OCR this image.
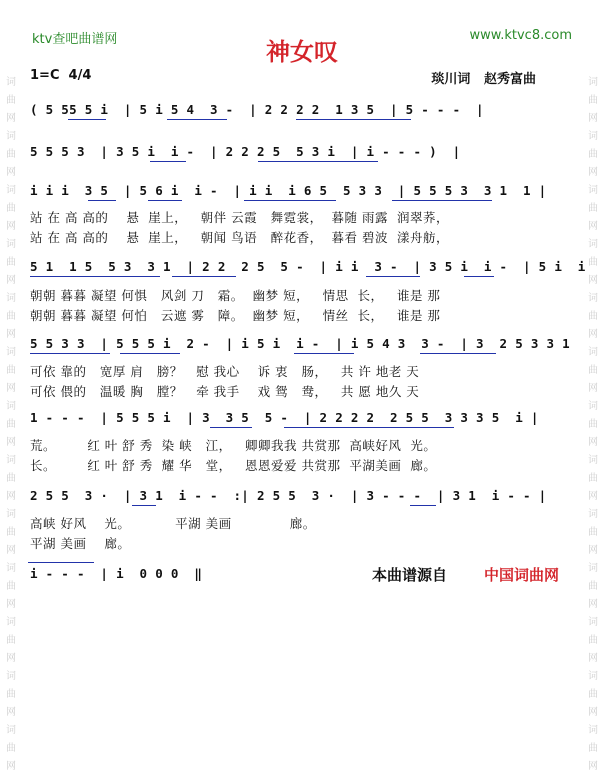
词
曲
网
词
曲
网
词
曲
网
词
曲
网
词
曲
网
词
曲
网
词
曲
网
词
曲
网
词
曲
网
词
曲
网
词
曲
网
词
曲
网
词
曲
网
词
曲
网
词
曲
网
词
曲
网
词
曲
网
词
曲
网
词
曲
网
词
曲
网
词
曲
网
词
曲
网
词
曲
网
词
曲
网
词
曲
网
词
曲
网
ktv查吧曲谱网	www.ktvc8.com
神女叹
1=C  4/4	琰川词   赵秀富曲
( 5 55 5 i  | 5 i 5 4  3 -  | 2 2 2 2  1 3 5  | 5 - - -  |
5 5 5 3  | 3 5 i  i -  | 2 2 2 5  5 3 i  | i - - - )  |
i i i  3 5  | 5 6 i  i -  | i i  i 6 5  5 3 3  | 5 5 5 3  3 1  1 |
站 在 高 高的    悬  崖上，   朝伴 云霞   舞霓裳，  暮随 雨露  润翠荞，
站 在 高 高的    悬  崖上，   朝闻 鸟语   醉花香，  暮看 碧波  漾舟舫，
5 1  1 5  5 3  3 1  | 2 2  2 5  5 -  | i i  3 -  | 3 5 i  i -  | 5 i  i
朝朝 暮暮 凝望 何惧   风剑 刀   霜。  幽梦 短，   情思  长，   谁是 那
朝朝 暮暮 凝望 何怕   云遮 雾   障。  幽梦 短，   情丝  长，   谁是 那
5 5 3 3  | 5 5 5 i  2 -  | i 5 i  i -  | i 5 4 3  3 -  | 3  2 5 3 3 1
可依 靠的   宽厚 肩   膀？   慰 我心    诉 衷   肠，   共 许 地老 天
可依 偎的   温暖 胸   膛？   牵 我手    戏 鸳   鸯，   共 愿 地久 天
1 - - -  | 5 5 5 i  | 3  3 5  5 -  | 2 2 2 2  2 5 5  3 3 3 5  i |
荒。       红 叶 舒 秀  染 峡   江，   卿卿我我 共赏那  高峡好风  光。
长。       红 叶 舒 秀  耀 华   堂，   恩恩爱爱 共赏那  平湖美画  廊。
2 5 5  3 ·  | 3 1  i - -  :| 2 5 5  3 ·  | 3 - - -  | 3 1  i - - |
高峡 好风    光。          平湖 美画             廊。
平湖 美画    廊。
i - - -  | i  0 0 0  ‖	本曲谱源自 中国词曲网
